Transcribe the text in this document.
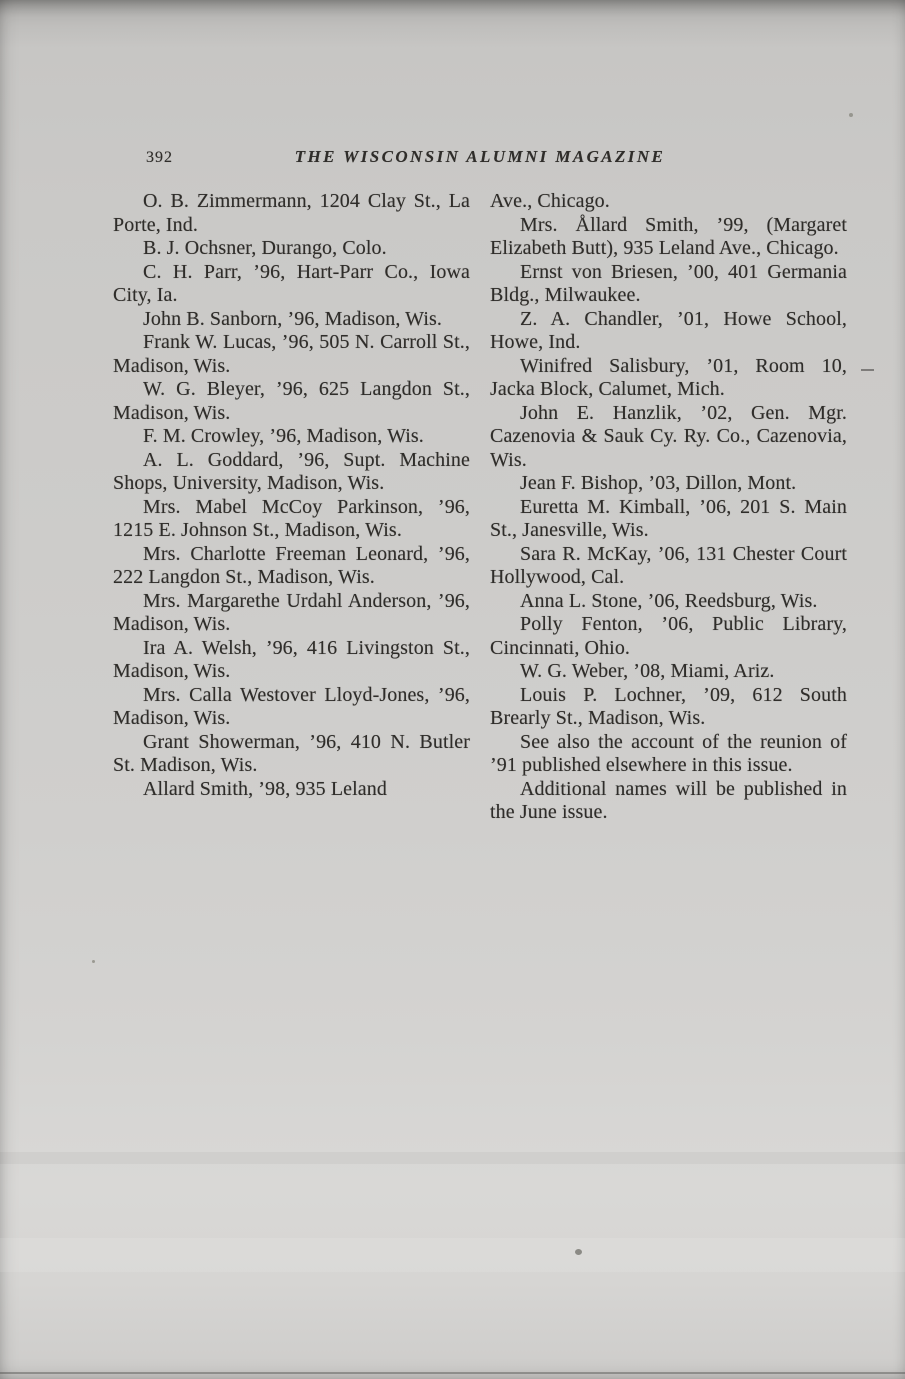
392	THE WISCONSIN ALUMNI MAGAZINE

O. B. Zimmermann, 1204 Clay St., La Porte, Ind.

B. J. Ochsner, Durango, Colo.

C. H. Parr, ’96, Hart-Parr Co., Iowa City, Ia.

John B. Sanborn, ’96, Madison, Wis.

Frank W. Lucas, ’96, 505 N. Carroll St., Madison, Wis.

W. G. Bleyer, ’96, 625 Langdon St., Madison, Wis.

F. M. Crowley, ’96, Madison, Wis.

A. L. Goddard, ’96, Supt. Machine Shops, University, Madison, Wis.

Mrs. Mabel McCoy Parkinson, ’96, 1215 E. Johnson St., Madison, Wis.

Mrs. Charlotte Freeman Leonard, ’96, 222 Langdon St., Madison, Wis.

Mrs. Margarethe Urdahl Anderson, ’96, Madison, Wis.

Ira A. Welsh, ’96, 416 Livingston St., Madison, Wis.

Mrs. Calla Westover Lloyd-Jones, ’96, Madison, Wis.

Grant Showerman, ’96, 410 N. Butler St. Madison, Wis.

Allard Smith, ’98, 935 Leland

Ave., Chicago.

Mrs. Ållard Smith, ’99, (Margaret Elizabeth Butt), 935 Leland Ave., Chicago.

Ernst von Briesen, ’00, 401 Germania Bldg., Milwaukee.

Z. A. Chandler, ’01, Howe School, Howe, Ind.

Winifred Salisbury, ’01, Room 10, Jacka Block, Calumet, Mich.

John E. Hanzlik, ’02, Gen. Mgr. Cazenovia & Sauk Cy. Ry. Co., Cazenovia, Wis.

Jean F. Bishop, ’03, Dillon, Mont.

Euretta M. Kimball, ’06, 201 S. Main St., Janesville, Wis.

Sara R. McKay, ’06, 131 Chester Court Hollywood, Cal.

Anna L. Stone, ’06, Reedsburg, Wis.

Polly Fenton, ’06, Public Library, Cincinnati, Ohio.

W. G. Weber, ’08, Miami, Ariz.

Louis P. Lochner, ’09, 612 South Brearly St., Madison, Wis.

See also the account of the reunion of ’91 published elsewhere in this issue.

Additional names will be published in the June issue.
